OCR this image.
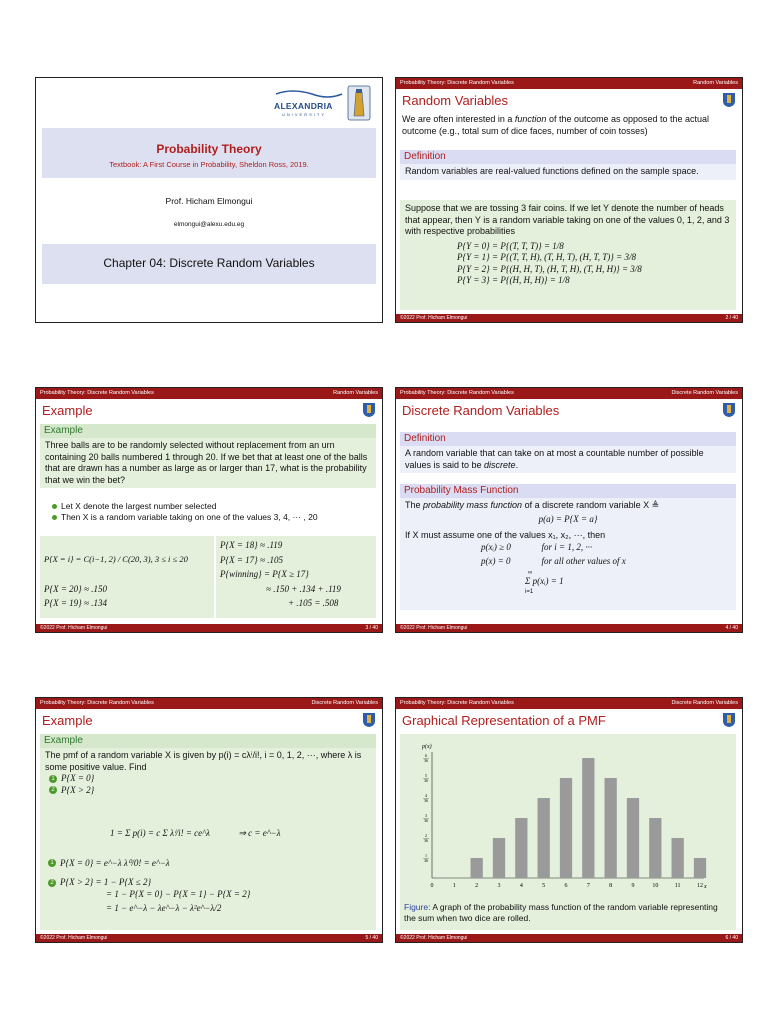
ALEXANDRIA
UNIVERSITY
Probability Theory
Textbook: A First Course in Probability, Sheldon Ross, 2019.
Prof. Hicham Elmongui
elmongui@alexu.edu.eg
Chapter 04: Discrete Random Variables
Probability Theory: Discrete Random Variables	Random Variables
Random Variables
We are often interested in a function of the outcome as opposed to the actual outcome (e.g., total sum of dice faces, number of coin tosses)
Definition
Random variables are real-valued functions defined on the sample space.
Suppose that we are tossing 3 fair coins. If we let Y denote the number of heads that appear, then Y is a random variable taking on one of the values 0, 1, 2, and 3 with respective probabilities
P{Y = 0} = P{(T, T, T)} = 1/8
P{Y = 1} = P{(T, T, H), (T, H, T), (H, T, T)} = 3/8
P{Y = 2} = P{(H, H, T), (H, T, H), (T, H, H)} = 3/8
P{Y = 3} = P{(H, H, H)} = 1/8
©2022 Prof. Hicham Elmongui	2 / 40
Probability Theory: Discrete Random Variables	Random Variables
Example
Example
Three balls are to be randomly selected without replacement from an urn containing 20 balls numbered 1 through 20. If we bet that at least one of the balls that are drawn has a number as large as or larger than 17, what is the probability that we win the bet?
Let X denote the largest number selected
Then X is a random variable taking on one of the values 3, 4, ··· , 20
P{X = i} = C(i−1, 2) / C(20, 3), 3 ≤ i ≤ 20
P{X = 20} ≈ .150
P{X = 19} ≈ .134
P{X = 18} ≈ .119
P{X = 17} ≈ .105
P{winning} = P{X ≥ 17}
≈ .150 + .134 + .119
+ .105 = .508
©2022 Prof. Hicham Elmongui	3 / 40
Probability Theory: Discrete Random Variables	Discrete Random Variables
Discrete Random Variables
Definition
A random variable that can take on at most a countable number of possible values is said to be discrete.
Probability Mass Function
The probability mass function of a discrete random variable X ≜
p(a) = P{X = a}
If X must assume one of the values x₁, x₂, ···, then
p(xᵢ) ≥ 0	for i = 1, 2, ···
p(x) = 0	for all other values of x
∞
Σ p(xᵢ) = 1
i=1
©2022 Prof. Hicham Elmongui	4 / 40
Probability Theory: Discrete Random Variables	Discrete Random Variables
Example
Example
The pmf of a random variable X is given by p(i) = cλⁱ/i!, i = 0, 1, 2, ···, where λ is some positive value. Find
1 P{X = 0}
2 P{X > 2}
1 = Σ p(i) = c Σ λⁱ/i! = ce^λ	⇒ c = e^−λ
1 P{X = 0} = e^−λ λ⁰/0! = e^−λ
2 P{X > 2} = 1 − P{X ≤ 2}
= 1 − P{X = 0} − P{X = 1} − P{X = 2}
= 1 − e^−λ − λe^−λ − λ²e^−λ/2
©2022 Prof. Hicham Elmongui	5 / 40
Probability Theory: Discrete Random Variables	Discrete Random Variables
Graphical Representation of a PMF
p(x)
x
0	1	2	3	4	5	6	7	8	9	10	11	12
1
36
2
36
3
36
4
36
5
36
6
36
Figure: A graph of the probability mass function of the random variable representing the sum when two dice are rolled.
©2022 Prof. Hicham Elmongui	6 / 40
